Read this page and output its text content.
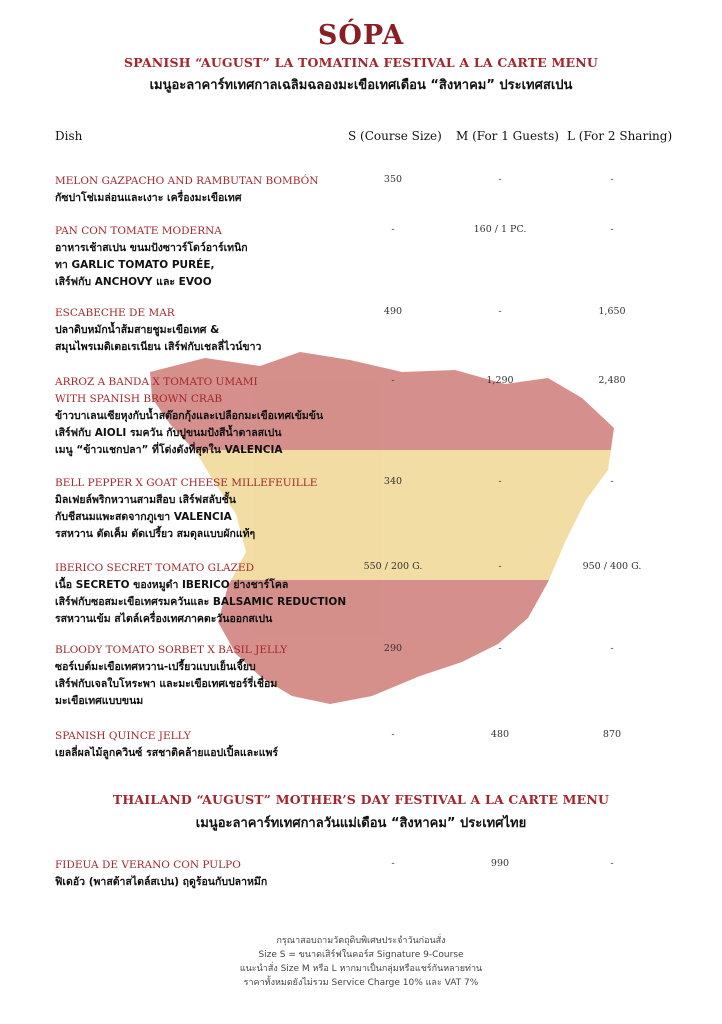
SÓPA
SPANISH “AUGUST” LA TOMATINA FESTIVAL A LA CARTE MENU
เมนูอะลาคาร์ทเทศกาลเฉลิมฉลองมะเขือเทศเดือน “สิงหาคม” ประเทศสเปน
Dish	S (Course Size) M (For 1 Guests) L (For 2 Sharing)
MELON GAZPACHO AND RAMBUTAN BOMBÓN
กัซปาโช่เมล่อนและเงาะ เครื่องมะเขือเทศ
350	-	-
PAN CON TOMATE MODERNA
อาหารเช้าสเปน ขนมปังซาวร์โดว์อาร์เทนิก
ทา GARLIC TOMATO PURÉE,
เสิร์ฟกับ ANCHOVY และ EVOO
-	160 / 1 PC.	-
ESCABECHE DE MAR
ปลาดิบหมักน้ำส้มสายชูมะเขือเทศ &
สมุนไพรเมดิเตอเรเนียน เสิร์ฟกับเชลลี่ไวน์ขาว
490	-	1,650
ARROZ A BANDA X TOMATO UMAMI
WITH SPANISH BROWN CRAB
ข้าวบาเลนเซียหุงกับน้ำสต๊อกกุ้งและเปลือกมะเขือเทศเข้มข้น
เสิร์ฟกับ AIOLI รมควัน กับปูขนมปังสีน้ำตาลสเปน
เมนู “ข้าวแชกปลา” ที่โด่งดังที่สุดใน VALENCIA
-	1,290	2,480
BELL PEPPER X GOAT CHEESE MILLEFEUILLE
มิลเฟยล์พริกหวานสามสีอบ เสิร์ฟสลับชั้น
กับชีสนมแพะสดจากภูเขา VALENCIA
รสหวาน ตัดเค็ม ตัดเปรี้ยว สมดุลแบบผักแท้ๆ
340	-	-
IBERICO SECRET TOMATO GLAZED
เนื้อ SECRETO ของหมูดำ IBERICO ย่างชาร์โคล
เสิร์ฟกับซอสมะเขือเทศรมควันและ BALSAMIC REDUCTION
รสหวานเข้ม สไตล์เครื่องเทศภาคตะวันออกสเปน
550 / 200 G.	-	950 / 400 G.
BLOODY TOMATO SORBET X BASIL JELLY
ซอร์เบต์มะเขือเทศหวาน-เปรี้ยวแบบเย็นเจี๊ยบ
เสิร์ฟกับเจลใบโหระพา และมะเขือเทศเชอร์รี่เชื่อม
มะเขือเทศแบบขนม
290	-	-
SPANISH QUINCE JELLY
เยลลี่ผลไม้ลูกควินซ์ รสชาติคล้ายแอปเปิ้ลและแพร์
-	480	870
THAILAND “AUGUST” MOTHER’S DAY FESTIVAL A LA CARTE MENU
เมนูอะลาคาร์ทเทศกาลวันแม่เดือน “สิงหาคม” ประเทศไทย
FIDEUA DE VERANO CON PULPO
ฟิเดอัว (พาสต้าสไตล์สเปน) ฤดูร้อนกับปลาหมึก
-	990	-
กรุณาสอบถามวัตถุดิบพิเศษประจำวันก่อนสั่ง
Size S = ขนาดเสิร์ฟในคอร์ส Signature 9-Course
แนะนำสั่ง Size M หรือ L หากมาเป็นกลุ่มหรือแชร์กันหลายท่าน
ราคาทั้งหมดยังไม่รวม Service Charge 10% และ VAT 7%
